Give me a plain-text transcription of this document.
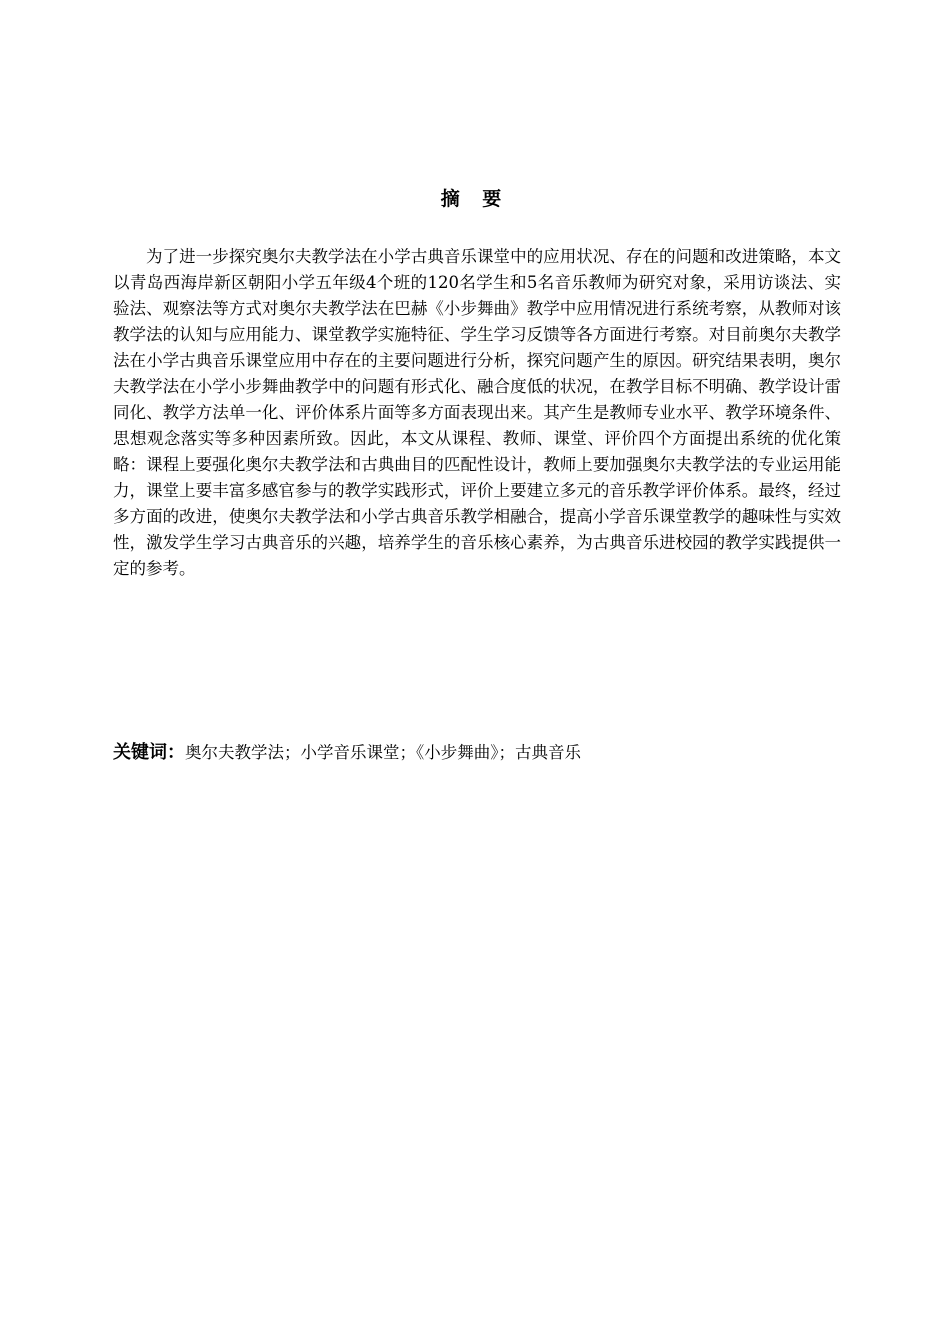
摘 要

为了进一步探究奥尔夫教学法在小学古典音乐课堂中的应用状况、存在的问题和改进策略，本文以青岛西海岸新区朝阳小学五年级4个班的120名学生和5名音乐教师为研究对象，采用访谈法、实验法、观察法等方式对奥尔夫教学法在巴赫《小步舞曲》教学中应用情况进行系统考察，从教师对该教学法的认知与应用能力、课堂教学实施特征、学生学习反馈等各方面进行考察。对目前奥尔夫教学法在小学古典音乐课堂应用中存在的主要问题进行分析，探究问题产生的原因。研究结果表明，奥尔夫教学法在小学小步舞曲教学中的问题有形式化、融合度低的状况，在教学目标不明确、教学设计雷同化、教学方法单一化、评价体系片面等多方面表现出来。其产生是教师专业水平、教学环境条件、思想观念落实等多种因素所致。因此，本文从课程、教师、课堂、评价四个方面提出系统的优化策略：课程上要强化奥尔夫教学法和古典曲目的匹配性设计，教师上要加强奥尔夫教学法的专业运用能力，课堂上要丰富多感官参与的教学实践形式，评价上要建立多元的音乐教学评价体系。最终，经过多方面的改进，使奥尔夫教学法和小学古典音乐教学相融合，提高小学音乐课堂教学的趣味性与实效性，激发学生学习古典音乐的兴趣，培养学生的音乐核心素养，为古典音乐进校园的教学实践提供一定的参考。

关键词：奥尔夫教学法；小学音乐课堂；《小步舞曲》；古典音乐
